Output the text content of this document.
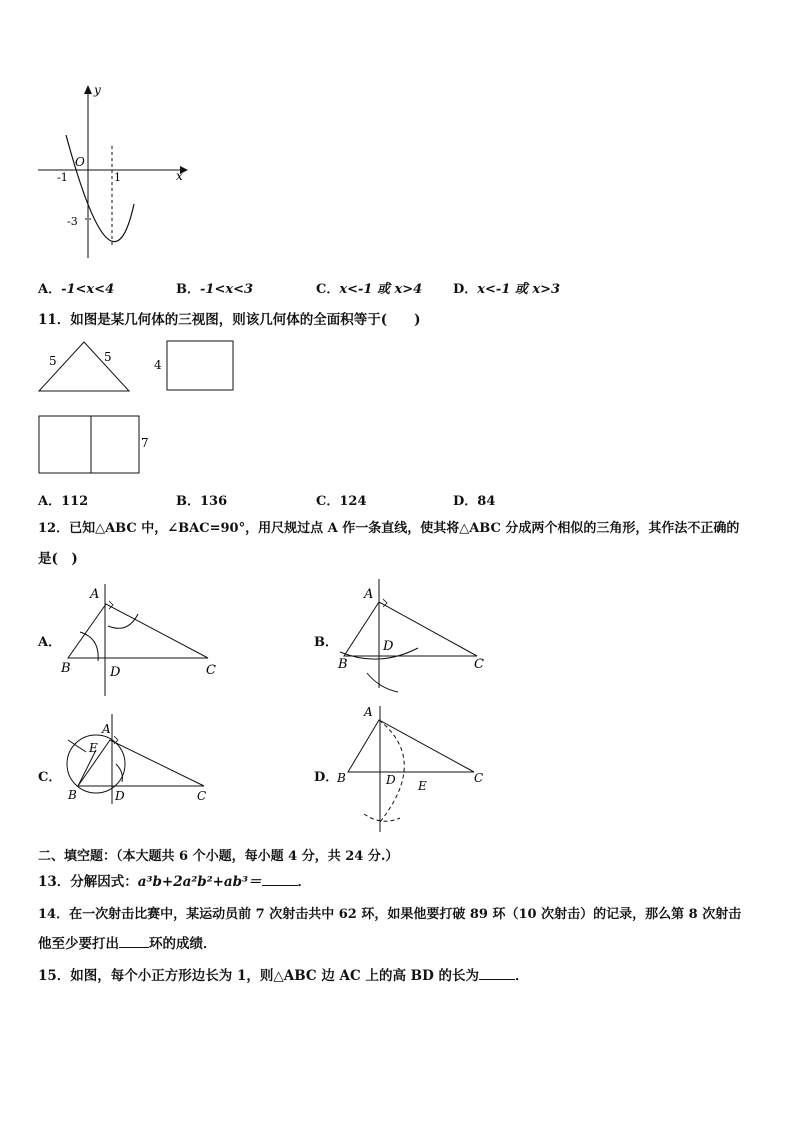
y
x
O
-1	1
-3
A．-1<x<4	B．-1<x<3	C．x<-1 或 x>4 D．x<-1 或 x>3
11．如图是某几何体的三视图，则该几何体的全面积等于(　　)
5	5
4
7
A．112	B．136	C．124	D．84
12．已知△ABC 中，∠BAC=90°，用尺规过点 A 作一条直线，使其将△ABC 分成两个相似的三角形，其作法不正确的
是(　)
A．
A
B	D	C
B．
A
D
B	C
C．
A
E
B	D	C
D．
A
B	D E
C
二、填空题：（本大题共 6 个小题，每小题 4 分，共 24 分.）
13．分解因式：a³b+2a²b²+ab³＝	．
14．在一次射击比赛中，某运动员前 7 次射击共中 62 环，如果他要打破 89 环（10 次射击）的记录，那么第 8 次射击
他至少要打出 环的成绩．
15．如图，每个小正方形边长为 1，则△ABC 边 AC 上的高 BD 的长为	．
